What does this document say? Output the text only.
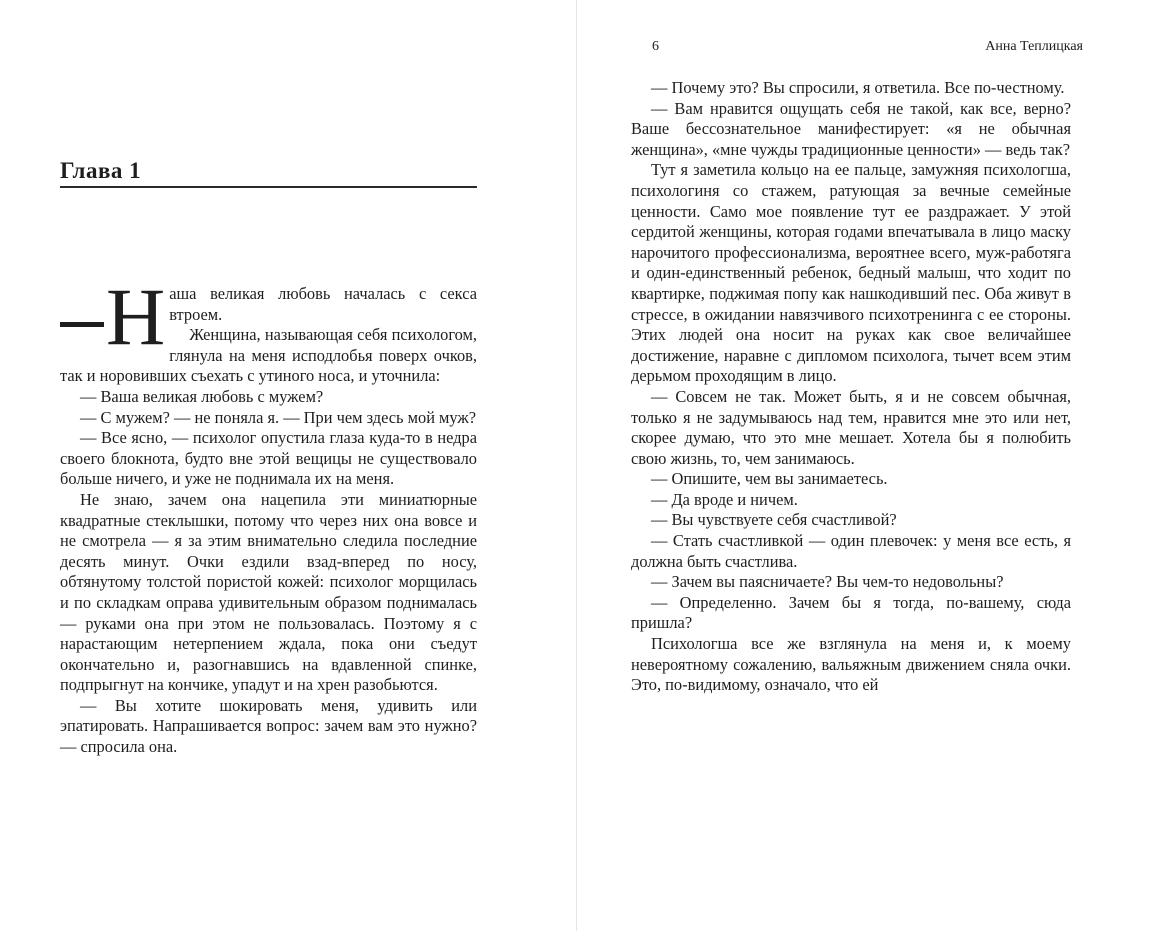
Глава 1

Н аша великая любовь началась с секса втроем.

Женщина, называющая себя психологом, глянула на меня исподлобья поверх очков, так и норовивших съехать с утиного носа, и уточнила:

— Ваша великая любовь с мужем?

— С мужем? — не поняла я. — При чем здесь мой муж?

— Все ясно, — психолог опустила глаза куда-то в недра своего блокнота, будто вне этой вещицы не существовало больше ничего, и уже не поднимала их на меня.

Не знаю, зачем она нацепила эти миниатюрные квадратные стеклышки, потому что через них она вовсе и не смотрела — я за этим внимательно следила последние десять минут. Очки ездили взад-вперед по носу, обтянутому толстой пористой кожей: психолог морщилась и по складкам оправа удивительным образом поднималась — руками она при этом не пользовалась. Поэтому я с нарастающим нетерпением ждала, пока они съедут окончательно и, разогнавшись на вдавленной спинке, подпрыгнут на кончике, упадут и на хрен разобьются.

— Вы хотите шокировать меня, удивить или эпатировать. Напрашивается вопрос: зачем вам это нужно? — спросила она.

6	Анна Теплицкая

— Почему это? Вы спросили, я ответила. Все по-честному.

— Вам нравится ощущать себя не такой, как все, верно? Ваше бессознательное манифестирует: «я не обычная женщина», «мне чужды традиционные ценности» — ведь так?

Тут я заметила кольцо на ее пальце, замужняя психологша, психологиня со стажем, ратующая за вечные семейные ценности. Само мое появление тут ее раздражает. У этой сердитой женщины, которая годами впечатывала в лицо маску нарочитого профессионализма, вероятнее всего, муж-работяга и один-единственный ребенок, бедный малыш, что ходит по квартирке, поджимая попу как нашкодивший пес. Оба живут в стрессе, в ожидании навязчивого психотренинга с ее стороны. Этих людей она носит на руках как свое величайшее достижение, наравне с дипломом психолога, тычет всем этим дерьмом проходящим в лицо.

— Совсем не так. Может быть, я и не совсем обычная, только я не задумываюсь над тем, нравится мне это или нет, скорее думаю, что это мне мешает. Хотела бы я полюбить свою жизнь, то, чем занимаюсь.

— Опишите, чем вы занимаетесь.

— Да вроде и ничем.

— Вы чувствуете себя счастливой?

— Стать счастливкой — один плевочек: у меня все есть, я должна быть счастлива.

— Зачем вы паясничаете? Вы чем-то недовольны?

— Определенно. Зачем бы я тогда, по-вашему, сюда пришла?

Психологша все же взглянула на меня и, к моему невероятному сожалению, вальяжным движением сняла очки. Это, по-видимому, означало, что ей
